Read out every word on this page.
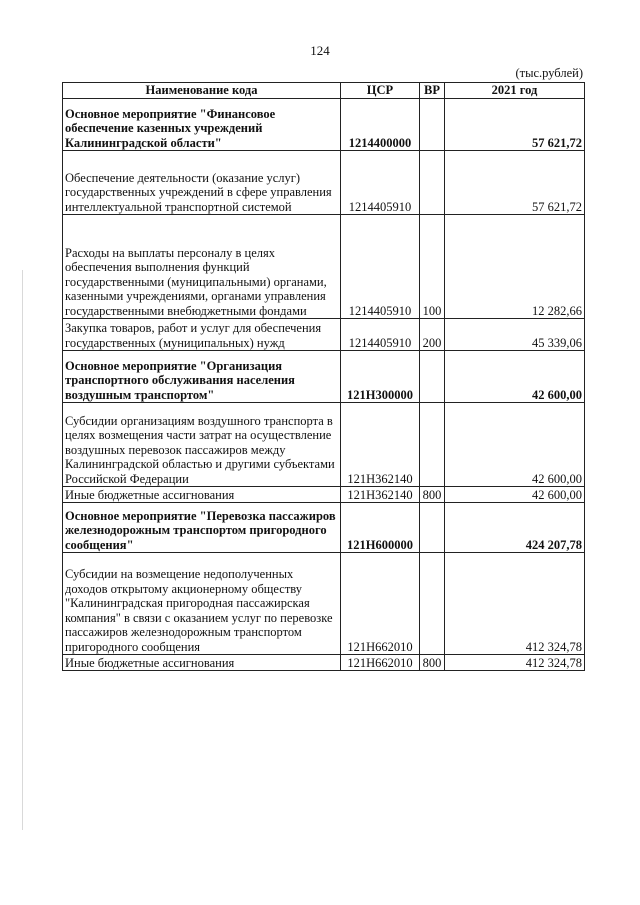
124
(тыс.рублей)
Наименование кода	ЦСР	ВР	2021 год
Основное мероприятие "Финансовое обеспечение казенных учреждений Калининградской области"	1214400000		57 621,72
Обеспечение деятельности (оказание услуг) государственных учреждений в сфере управления интеллектуальной транспортной системой	1214405910		57 621,72
Расходы на выплаты персоналу в целях обеспечения выполнения функций государственными (муниципальными) органами, казенными учреждениями, органами управления государственными внебюджетными фондами	1214405910	100	12 282,66
Закупка товаров, работ и услуг для обеспечения государственных (муниципальных) нужд	1214405910	200	45 339,06
Основное мероприятие "Организация транспортного обслуживания населения воздушным транспортом"	121Н300000		42 600,00
Субсидии организациям воздушного транспорта в целях возмещения части затрат на осуществление воздушных перевозок пассажиров между Калининградской областью и другими субъектами Российской Федерации	121Н362140		42 600,00
Иные бюджетные ассигнования	121Н362140	800	42 600,00
Основное мероприятие "Перевозка пассажиров железнодорожным транспортом пригородного сообщения"	121Н600000		424 207,78
Субсидии на возмещение недополученных доходов открытому акционерному обществу "Калининградская пригородная пассажирская компания" в связи с оказанием услуг по перевозке пассажиров железнодорожным транспортом пригородного сообщения	121Н662010		412 324,78
Иные бюджетные ассигнования	121Н662010	800	412 324,78
